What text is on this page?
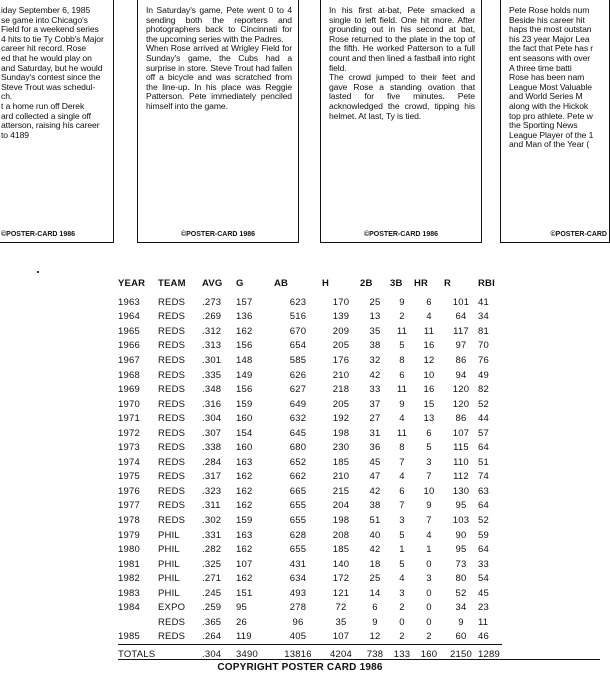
iday September 6, 1985
se game into Chicago's
Field for a weekend series
4 hits to tie Ty Cobb's Major
career hit record. Rose
ed that he would play on
and Saturday, but he would
Sunday's contest since the
Steve Trout was schedul-
ch.
t a home run off Derek
ard collected a single off
atterson, raising his career
to 4189
©POSTER-CARD 1986
In Saturday's game, Pete went 0 to 4 sending both the reporters and photographers back to Cincinnati for the upcoming series with the Padres.
When Rose arrived at Wrigley Field for Sunday's game, the Cubs had a surprise in store. Steve Trout had fallen off a bicycle and was scratched from the line-up. In his place was Reggie Patterson. Pete immediately penciled himself into the game.
©POSTER-CARD 1986
In his first at-bat, Pete smacked a single to left field. One hit more. After grounding out in his second at bat, Rose returned to the plate in the top of the fifth. He worked Patterson to a full count and then lined a fastball into right field.
The crowd jumped to their feet and gave Rose a standing ovation that lasted for five minutes. Pete acknowledged the crowd, tipping his helmet. At last, Ty is tied.
©POSTER-CARD 1986
Pete Rose holds num
Beside his career hit
haps the most outstan
his 23 year Major Lea
the fact that Pete has r
ent seasons with over
A three time batti
Rose has been nam
League Most Valuable
and World Series M
along with the Hickok
top pro athlete. Pete w
the Sporting News
League Player of the 1
and Man of the Year (
©POSTER-CARD
YEAR	TEAM	AVG	G	AB	H	2B	3B	HR	R	RBI
1963	REDS	.273	157	623	170	25	9	6	101	41
1964	REDS	.269	136	516	139	13	2	4	64	34
1965	REDS	.312	162	670	209	35	11	11	117	81
1966	REDS	.313	156	654	205	38	5	16	97	70
1967	REDS	.301	148	585	176	32	8	12	86	76
1968	REDS	.335	149	626	210	42	6	10	94	49
1969	REDS	.348	156	627	218	33	11	16	120	82
1970	REDS	.316	159	649	205	37	9	15	120	52
1971	REDS	.304	160	632	192	27	4	13	86	44
1972	REDS	.307	154	645	198	31	11	6	107	57
1973	REDS	.338	160	680	230	36	8	5	115	64
1974	REDS	.284	163	652	185	45	7	3	110	51
1975	REDS	.317	162	662	210	47	4	7	112	74
1976	REDS	.323	162	665	215	42	6	10	130	63
1977	REDS	.311	162	655	204	38	7	9	95	64
1978	REDS	.302	159	655	198	51	3	7	103	52
1979	PHIL	.331	163	628	208	40	5	4	90	59
1980	PHIL	.282	162	655	185	42	1	1	95	64
1981	PHIL	.325	107	431	140	18	5	0	73	33
1982	PHIL	.271	162	634	172	25	4	3	80	54
1983	PHIL	.245	151	493	121	14	3	0	52	45
1984	EXPO	.259	95	278	72	6	2	0	34	23
	REDS	.365	26	96	35	9	0	0	9	11
1985	REDS	.264	119	405	107	12	2	2	60	46
TOTALS		.304	3490	13816	4204	738	133	160	2150	1289
COPYRIGHT POSTER CARD 1986
